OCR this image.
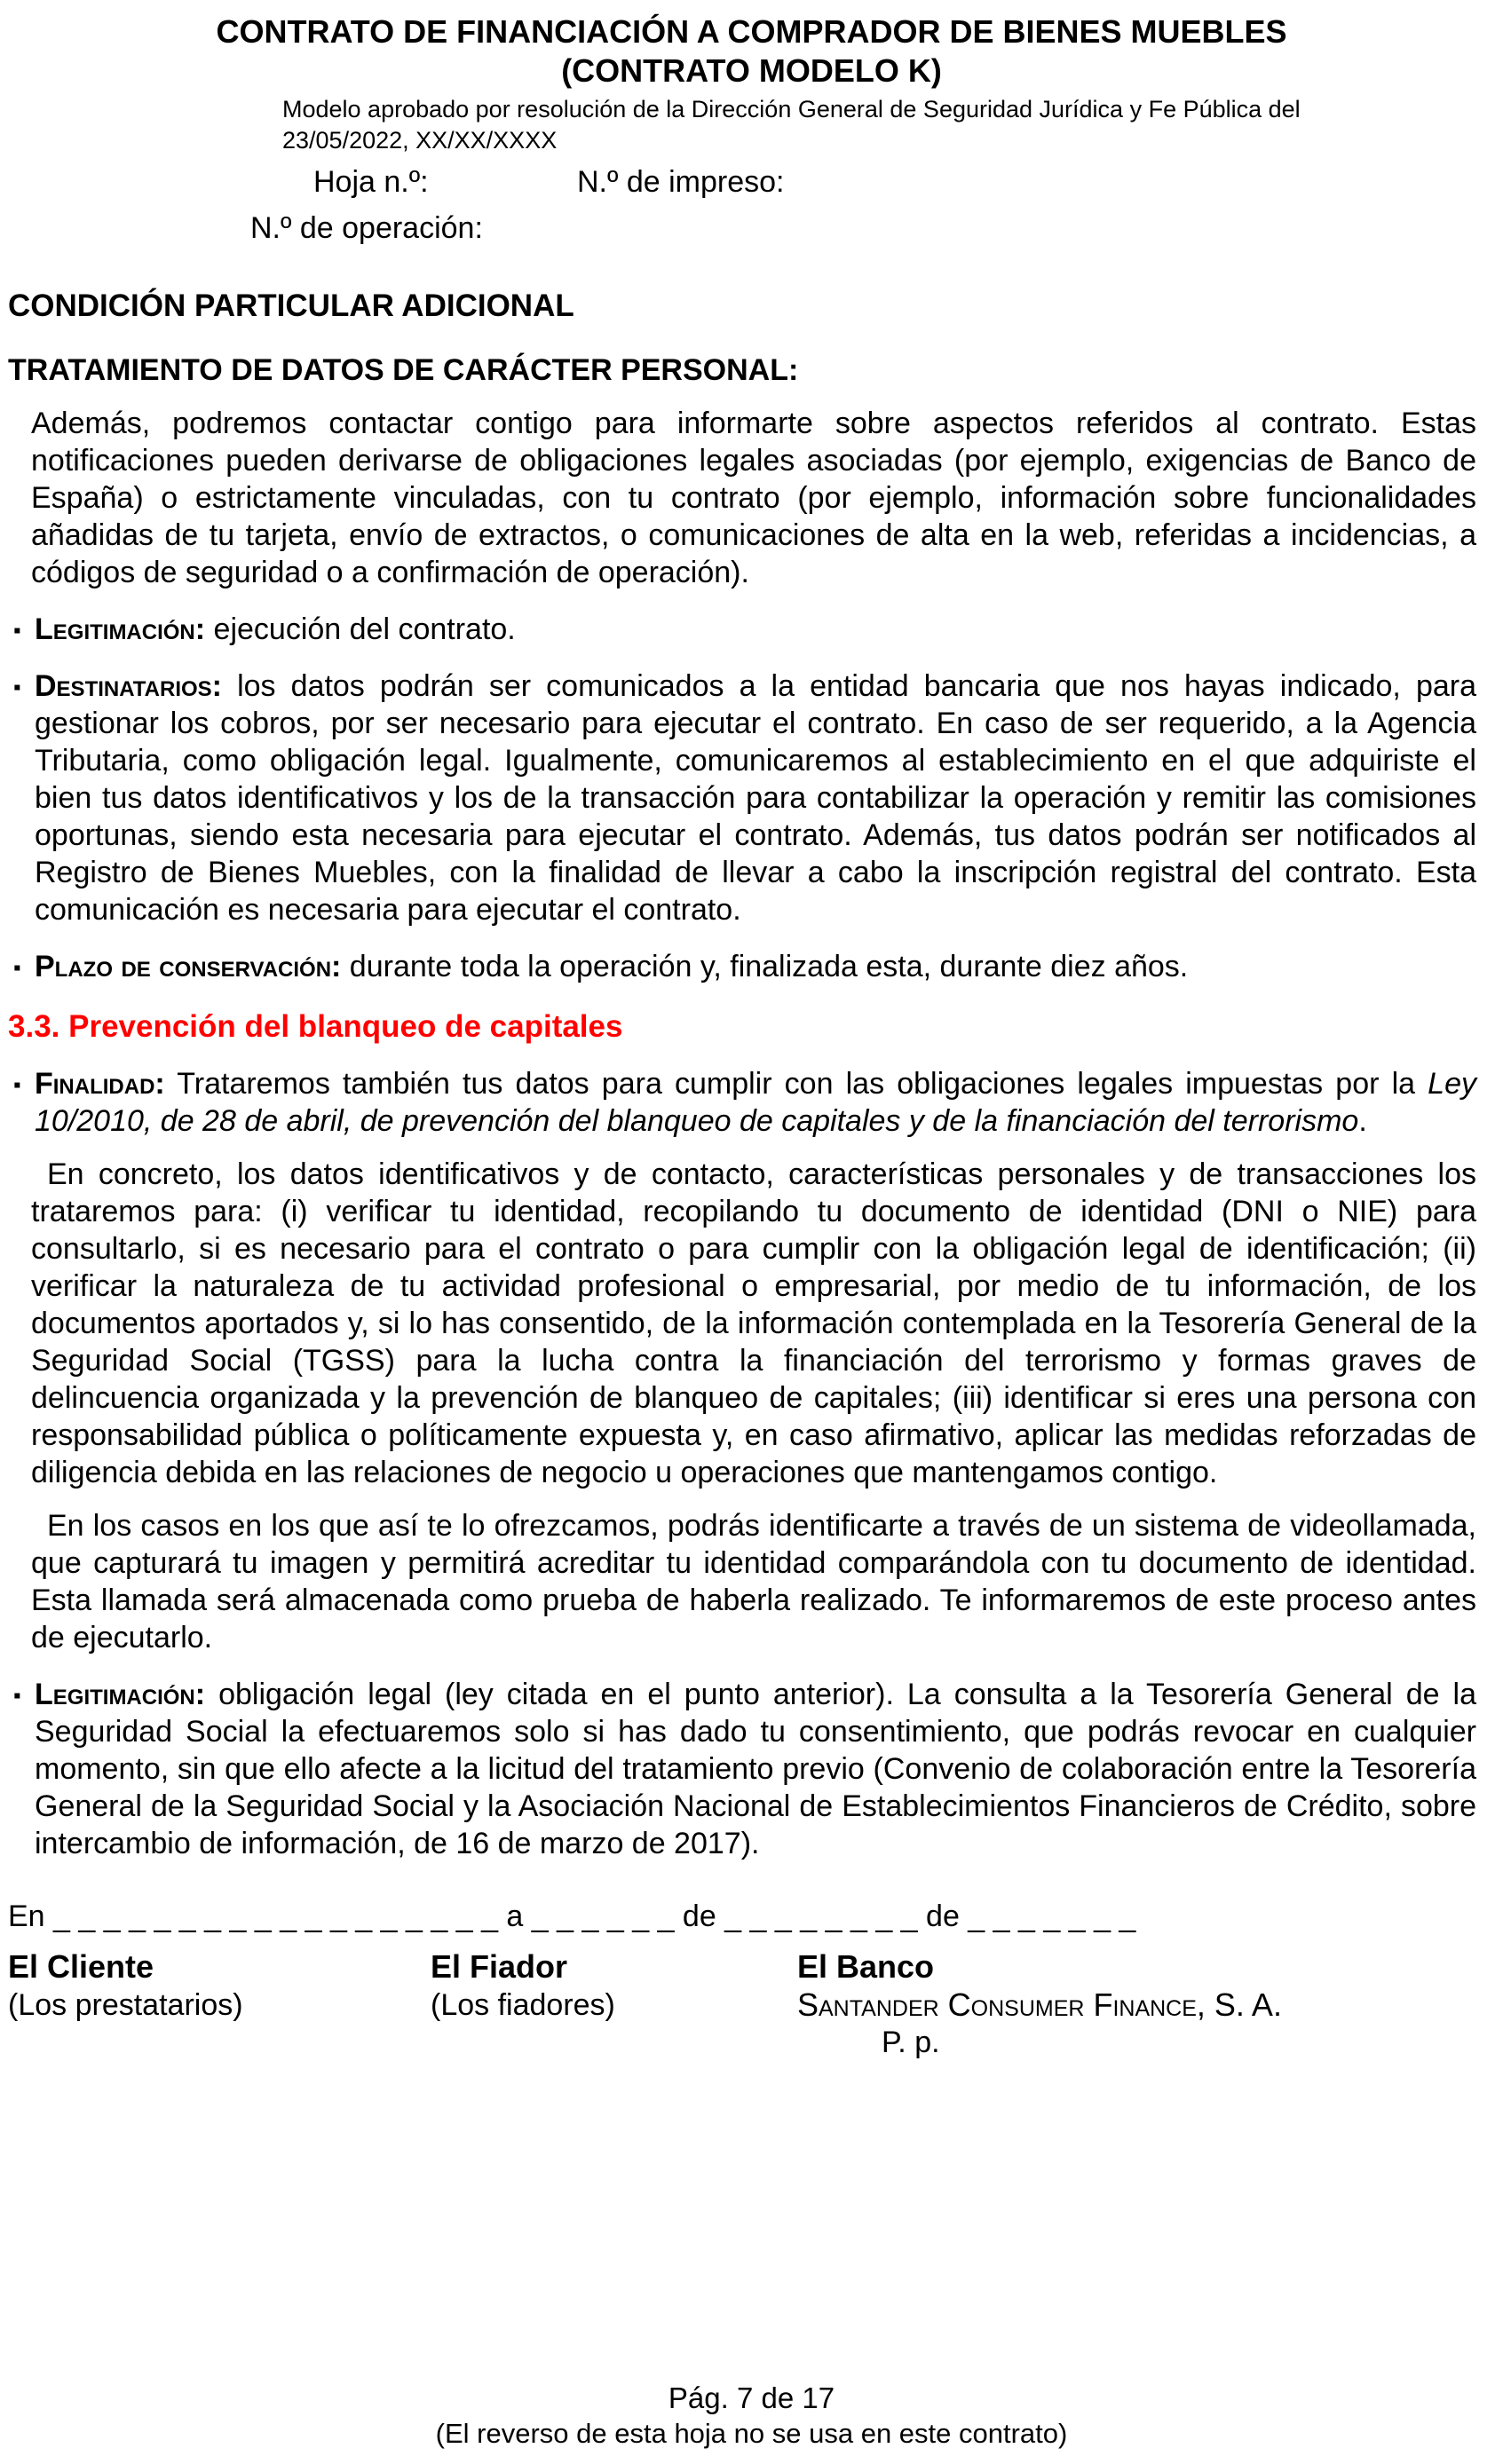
CONTRATO DE FINANCIACIÓN A COMPRADOR DE BIENES MUEBLES
(CONTRATO MODELO K)
Modelo aprobado por resolución de la Dirección General de Seguridad Jurídica y Fe Pública del
23/05/2022, XX/XX/XXXX
Hoja n.º:	N.º de impreso:
N.º de operación:
CONDICIÓN PARTICULAR ADICIONAL
TRATAMIENTO DE DATOS DE CARÁCTER PERSONAL:
Además, podremos contactar contigo para informarte sobre aspectos referidos al contrato. Estas notificaciones pueden derivarse de obligaciones legales asociadas (por ejemplo, exigencias de Banco de España) o estrictamente vinculadas, con tu contrato (por ejemplo, información sobre funcionalidades añadidas de tu tarjeta, envío de extractos, o comunicaciones de alta en la web, referidas a incidencias, a códigos de seguridad o a confirmación de operación).
▪ Legitimación: ejecución del contrato.
▪ Destinatarios: los datos podrán ser comunicados a la entidad bancaria que nos hayas indicado, para gestionar los cobros, por ser necesario para ejecutar el contrato. En caso de ser requerido, a la Agencia Tributaria, como obligación legal. Igualmente, comunicaremos al establecimiento en el que adquiriste el bien tus datos identificativos y los de la transacción para contabilizar la operación y remitir las comisiones oportunas, siendo esta necesaria para ejecutar el contrato. Además, tus datos podrán ser notificados al Registro de Bienes Muebles, con la finalidad de llevar a cabo la inscripción registral del contrato. Esta comunicación es necesaria para ejecutar el contrato.
▪ Plazo de conservación: durante toda la operación y, finalizada esta, durante diez años.
3.3. Prevención del blanqueo de capitales
▪ Finalidad: Trataremos también tus datos para cumplir con las obligaciones legales impuestas por la Ley 10/2010, de 28 de abril, de prevención del blanqueo de capitales y de la financiación del terrorismo.
En concreto, los datos identificativos y de contacto, características personales y de transacciones los trataremos para: (i) verificar tu identidad, recopilando tu documento de identidad (DNI o NIE) para consultarlo, si es necesario para el contrato o para cumplir con la obligación legal de identificación; (ii) verificar la naturaleza de tu actividad profesional o empresarial, por medio de tu información, de los documentos aportados y, si lo has consentido, de la información contemplada en la Tesorería General de la Seguridad Social (TGSS) para la lucha contra la financiación del terrorismo y formas graves de delincuencia organizada y la prevención de blanqueo de capitales; (iii) identificar si eres una persona con responsabilidad pública o políticamente expuesta y, en caso afirmativo, aplicar las medidas reforzadas de diligencia debida en las relaciones de negocio u operaciones que mantengamos contigo.
En los casos en los que así te lo ofrezcamos, podrás identificarte a través de un sistema de videollamada, que capturará tu imagen y permitirá acreditar tu identidad comparándola con tu documento de identidad. Esta llamada será almacenada como prueba de haberla realizado. Te informaremos de este proceso antes de ejecutarlo.
▪ Legitimación: obligación legal (ley citada en el punto anterior). La consulta a la Tesorería General de la Seguridad Social la efectuaremos solo si has dado tu consentimiento, que podrás revocar en cualquier momento, sin que ello afecte a la licitud del tratamiento previo (Convenio de colaboración entre la Tesorería General de la Seguridad Social y la Asociación Nacional de Establecimientos Financieros de Crédito, sobre intercambio de información, de 16 de marzo de 2017).
En _ _ _ _ _ _ _ _ _ _ _ _ _ _ _ _ _ _ a _ _ _ _ _ _ de _ _ _ _ _ _ _ _ de _ _ _ _ _ _ _
El Cliente
(Los prestatarios)
El Fiador
(Los fiadores)
El Banco
Santander Consumer Finance, S. A.
P. p.
Pág. 7 de 17
(El reverso de esta hoja no se usa en este contrato)
